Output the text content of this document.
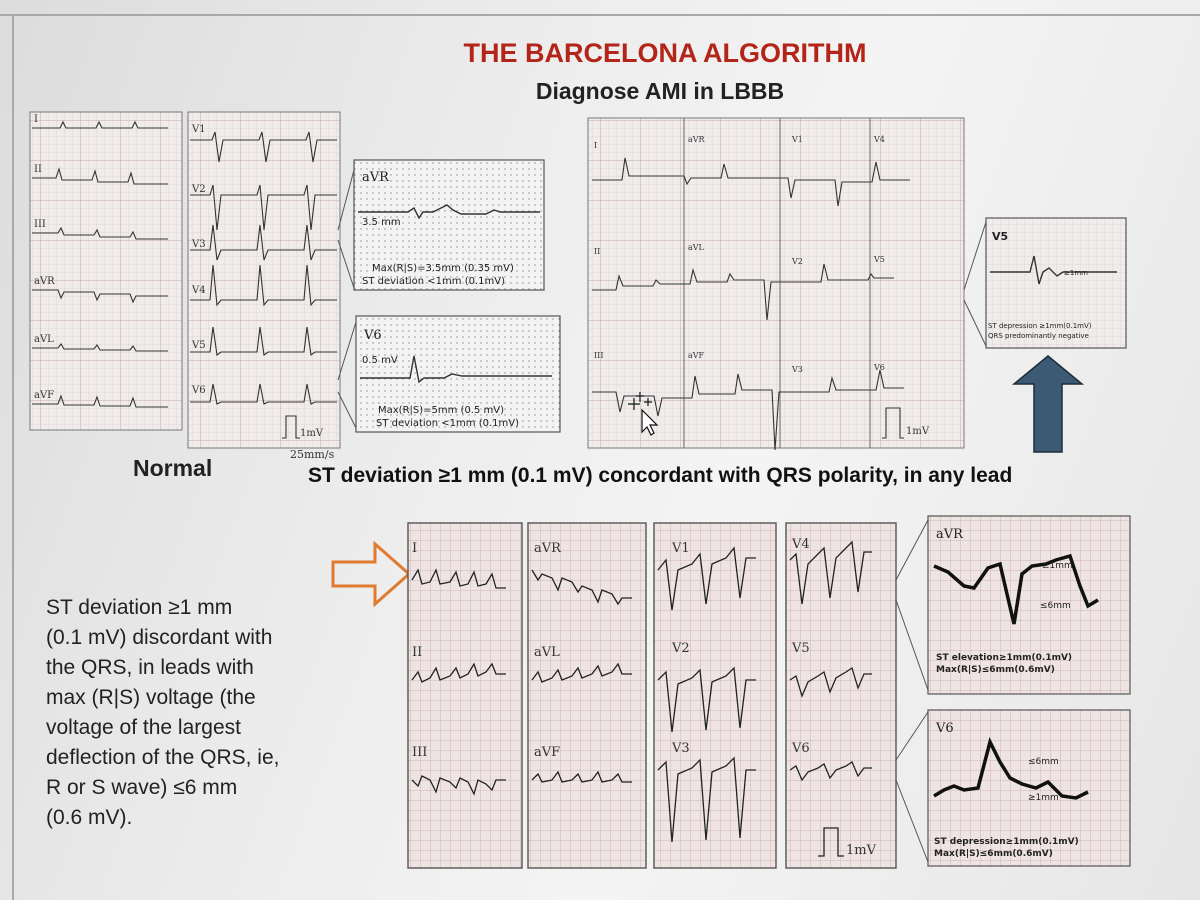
THE BARCELONA ALGORITHM
Diagnose AMI in LBBB
I
II
III
aVR
aVL
aVF
V1
V2
V3
V4
V5
V6
1mV
25mm/s
aVR
3.5 mm
Max(R|S)=3.5mm (0.35 mV)
ST deviation <1mm (0.1mV)
V6
0.5 mV
Max(R|S)=5mm (0.5 mV)
ST deviation <1mm (0.1mV)
I
aVR	V1	V4
II	aVL
V2	V5
III	aVF
V3	V6
1mV
V5
≥1mm
ST depression ≥1mm(0.1mV)
QRS predominantly negative
I	aVR	V1	V4
II	aVL	V2	V5
III	aVF	V3	V6
1mV
aVR
≥1mm
≤6mm
ST elevation≥1mm(0.1mV)
Max(R|S)≤6mm(0.6mV)
V6
≤6mm
≥1mm
ST depression≥1mm(0.1mV)
Max(R|S)≤6mm(0.6mV)
Normal	ST deviation ≥1 mm (0.1 mV) concordant with QRS polarity, in any lead
ST deviation ≥1 mm
(0.1 mV) discordant with
the QRS, in leads with
max (R|S) voltage (the
voltage of the largest
deflection of the QRS, ie,
R or S wave) ≤6 mm
(0.6 mV).
